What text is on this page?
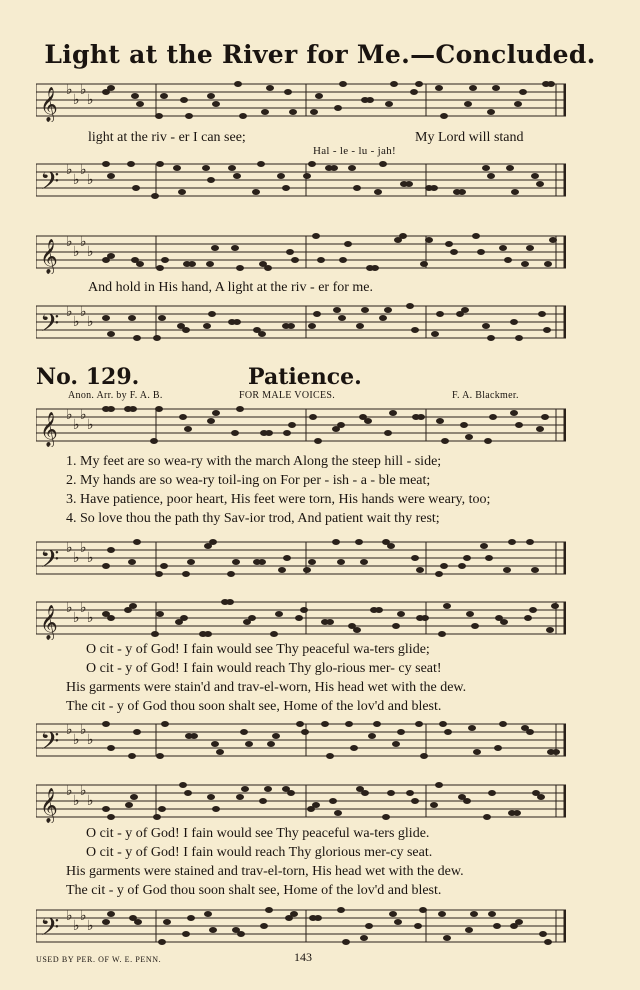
Light at the River for Me.—Concluded.
𝄞 ♭
♭
♭
♭
light at the riv - er I can see;	My Lord will stand
Hal - le - lu - jah!
𝄢 ♭
♭
♭
♭
𝄞 ♭
♭
♭
♭
And hold in His hand, A light at the riv - er for me.
𝄢 ♭
♭
♭
♭
No. 129.	Patience.
Anon. Arr. by F. A. B.	FOR MALE VOICES.	F. A. Blackmer.
𝄞 ♭
♭
♭
♭
1. My feet are so wea-ry with the march Along the steep hill - side;
2. My hands are so wea-ry toil-ing on For per - ish - a - ble meat;
3. Have patience, poor heart, His feet were torn, His hands were weary, too;
4. So love thou the path thy Sav-ior trod, And patient wait thy rest;
𝄢 ♭
♭
♭
♭
𝄞 ♭
♭
♭
♭
O cit - y of God! I fain would see Thy peaceful wa-ters glide;
O cit - y of God! I fain would reach Thy glo-rious mer- cy seat!
His garments were stain'd and trav-el-worn, His head wet with the dew.
The cit - y of God thou soon shalt see, Home of the lov'd and blest.
𝄢 ♭
♭
♭
♭
𝄞 ♭
♭
♭
♭
O cit - y of God! I fain would see Thy peaceful wa-ters glide.
O cit - y of God! I fain would reach Thy glorious mer-cy seat.
His garments were stained and trav-el-torn, His head wet with the dew.
The cit - y of God thou soon shalt see, Home of the lov'd and blest.
𝄢 ♭
♭
♭
♭
USED BY PER. OF W. E. PENN.	143
